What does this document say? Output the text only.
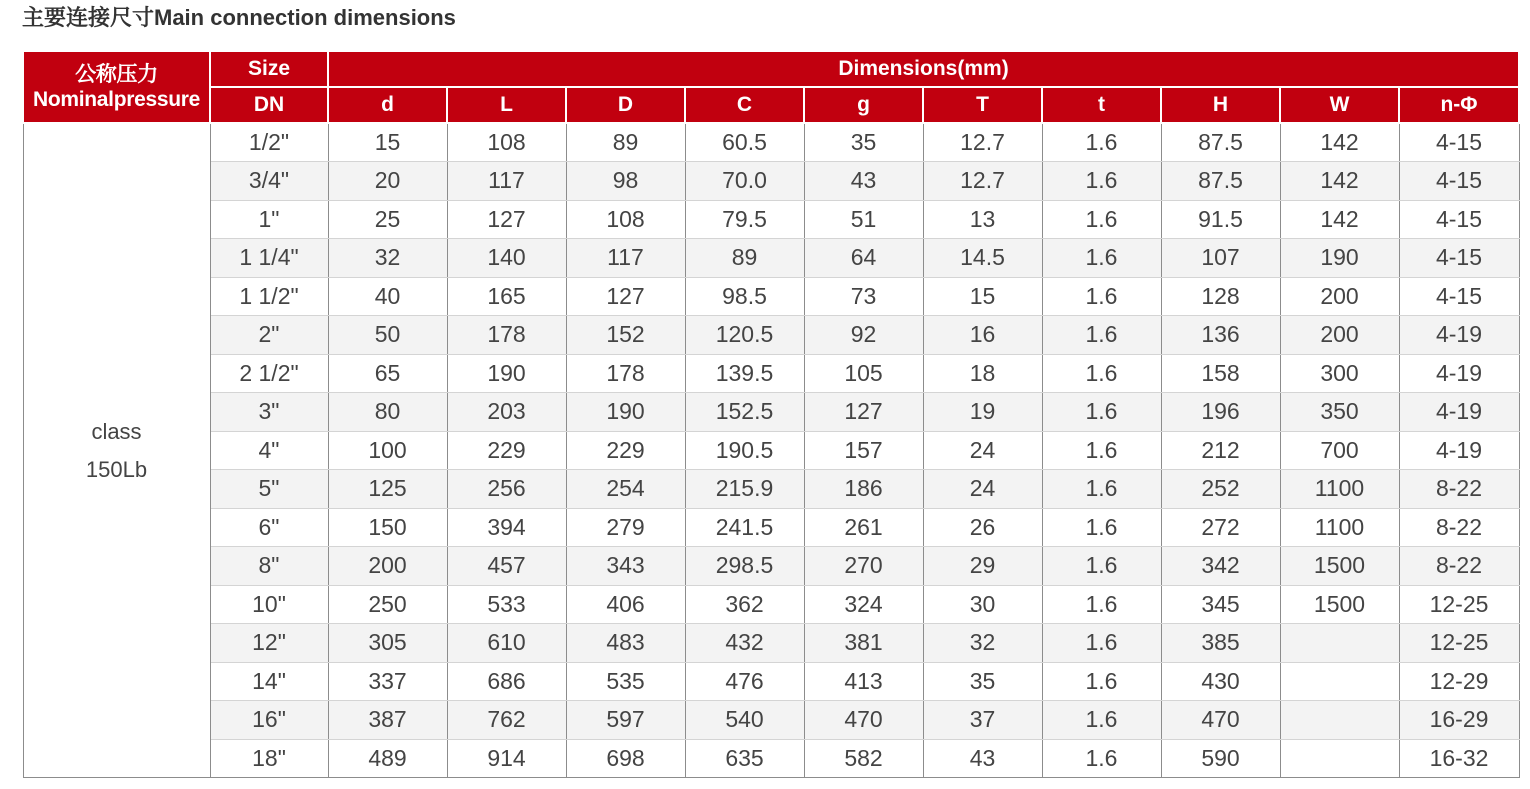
主要连接尺寸Main connection dimensions
公称压力
Nominalpressure	Size	Dimensions(mm)									
	DN	d	L	D	C	g	T	t	H	W	n-Φ

class
150Lb	1/2"	15	108	89	60.5	35	12.7	1.6	87.5	142	4-15
	3/4"	20	117	98	70.0	43	12.7	1.6	87.5	142	4-15
	1"	25	127	108	79.5	51	13	1.6	91.5	142	4-15
	1 1/4"	32	140	117	89	64	14.5	1.6	107	190	4-15
	1 1/2"	40	165	127	98.5	73	15	1.6	128	200	4-15
	2"	50	178	152	120.5	92	16	1.6	136	200	4-19
	2 1/2"	65	190	178	139.5	105	18	1.6	158	300	4-19
	3"	80	203	190	152.5	127	19	1.6	196	350	4-19
	4"	100	229	229	190.5	157	24	1.6	212	700	4-19
	5"	125	256	254	215.9	186	24	1.6	252	1100	8-22
	6"	150	394	279	241.5	261	26	1.6	272	1100	8-22
	8"	200	457	343	298.5	270	29	1.6	342	1500	8-22
	10"	250	533	406	362	324	30	1.6	345	1500	12-25
	12"	305	610	483	432	381	32	1.6	385		12-25
	14"	337	686	535	476	413	35	1.6	430		12-29
	16"	387	762	597	540	470	37	1.6	470		16-29
	18"	489	914	698	635	582	43	1.6	590		16-32
